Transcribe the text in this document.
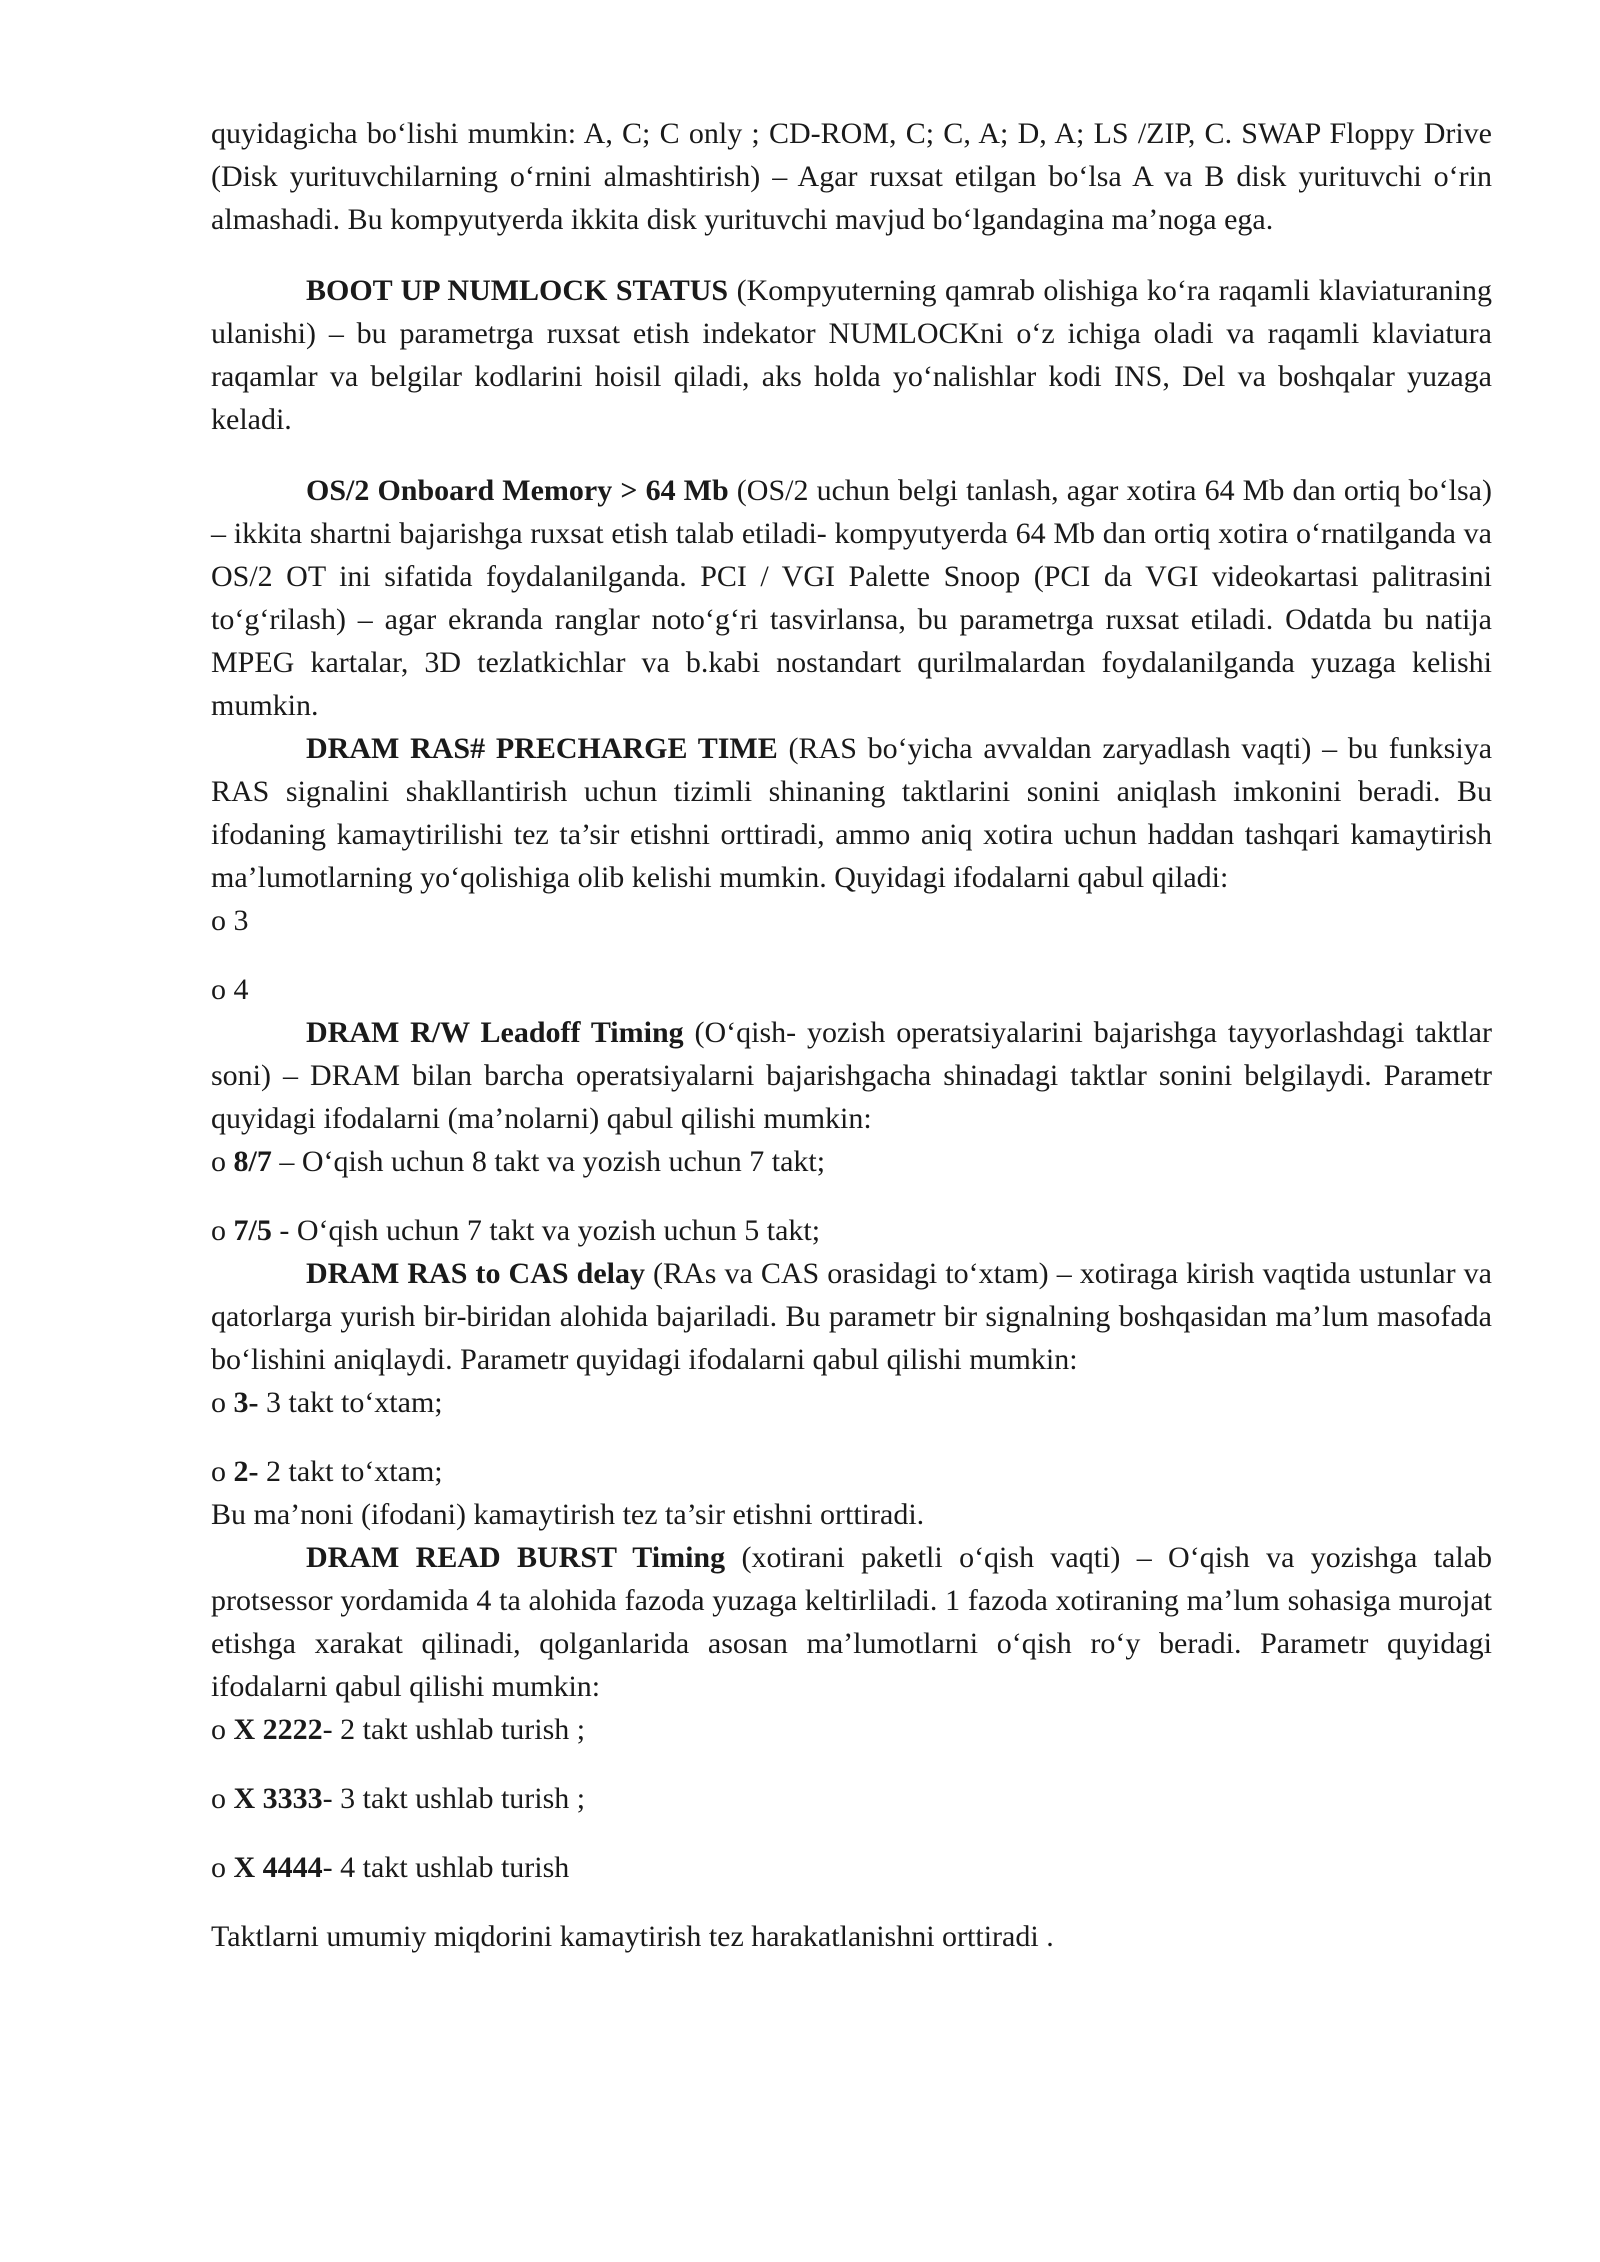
quyidagicha bo‘lishi mumkin: A, C; C only ; CD-ROM, C; C, A; D, A; LS /ZIP, C. SWAP Floppy Drive (Disk yurituvchilarning o‘rnini almashtirish) – Agar ruxsat etilgan bo‘lsa A va B disk yurituvchi o‘rin almashadi. Bu kompyutyerda ikkita disk yurituvchi mavjud bo‘lgandagina ma’noga ega.

BOOT UP NUMLOCK STATUS (Kompyuterning qamrab olishiga ko‘ra raqamli klaviaturaning ulanishi) – bu parametrga ruxsat etish indekator NUMLOCKni o‘z ichiga oladi va raqamli klaviatura raqamlar va belgilar kodlarini hoisil qiladi, aks holda yo‘nalishlar kodi INS, Del va boshqalar yuzaga keladi.

OS/2 Onboard Memory > 64 Mb (OS/2 uchun belgi tanlash, agar xotira 64 Mb dan ortiq bo‘lsa) – ikkita shartni bajarishga ruxsat etish talab etiladi- kompyutyerda 64 Mb dan ortiq xotira o‘rnatilganda va OS/2 OT ini sifatida foydalanilganda. PCI / VGI Palette Snoop (PCI da VGI videokartasi palitrasini to‘g‘rilash) – agar ekranda ranglar noto‘g‘ri tasvirlansa, bu parametrga ruxsat etiladi. Odatda bu natija MPEG kartalar, 3D tezlatkichlar va b.kabi nostandart qurilmalardan foydalanilganda yuzaga kelishi mumkin.

DRAM RAS# PRECHARGE TIME (RAS bo‘yicha avvaldan zaryadlash vaqti) – bu funksiya RAS signalini shakllantirish uchun tizimli shinaning taktlarini sonini aniqlash imkonini beradi. Bu ifodaning kamaytirilishi tez ta’sir etishni orttiradi, ammo aniq xotira uchun haddan tashqari kamaytirish ma’lumotlarning yo‘qolishiga olib kelishi mumkin. Quyidagi ifodalarni qabul qiladi:

o 3

o 4

DRAM R/W Leadoff Timing (O‘qish- yozish operatsiyalarini bajarishga tayyorlashdagi taktlar soni) – DRAM bilan barcha operatsiyalarni bajarishgacha shinadagi taktlar sonini belgilaydi. Parametr quyidagi ifodalarni (ma’nolarni) qabul qilishi mumkin:

o 8/7 – O‘qish uchun 8 takt va yozish uchun 7 takt;

o 7/5 - O‘qish uchun 7 takt va yozish uchun 5 takt;

DRAM RAS to CAS delay (RAs va CAS orasidagi to‘xtam) – xotiraga kirish vaqtida ustunlar va qatorlarga yurish bir-biridan alohida bajariladi. Bu parametr bir signalning boshqasidan ma’lum masofada bo‘lishini aniqlaydi. Parametr quyidagi ifodalarni qabul qilishi mumkin:

o 3- 3 takt to‘xtam;

o 2- 2 takt to‘xtam;

Bu ma’noni (ifodani) kamaytirish tez ta’sir etishni orttiradi.

DRAM READ BURST Timing (xotirani paketli o‘qish vaqti) – O‘qish va yozishga talab protsessor yordamida 4 ta alohida fazoda yuzaga keltirliladi. 1 fazoda xotiraning ma’lum sohasiga murojat etishga xarakat qilinadi, qolganlarida asosan ma’lumotlarni o‘qish ro‘y beradi. Parametr quyidagi ifodalarni qabul qilishi mumkin:

o X 2222- 2 takt ushlab turish ;

o X 3333- 3 takt ushlab turish ;

o X 4444- 4 takt ushlab turish

Taktlarni umumiy miqdorini kamaytirish tez harakatlanishni orttiradi .
